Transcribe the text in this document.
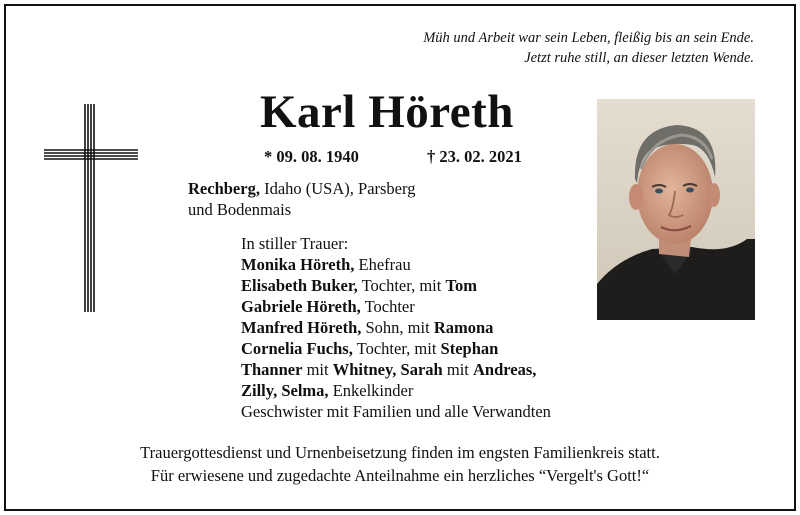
Müh und Arbeit war sein Leben, fleißig bis an sein Ende.
Jetzt ruhe still, an dieser letzten Wende.
Karl Höreth
* 09. 08. 1940	† 23. 02. 2021
Rechberg, Idaho (USA), Parsberg
und Bodenmais
In stiller Trauer:
Monika Höreth, Ehefrau
Elisabeth Buker, Tochter, mit Tom
Gabriele Höreth, Tochter
Manfred Höreth, Sohn, mit Ramona
Cornelia Fuchs, Tochter, mit Stephan
Thanner mit Whitney, Sarah mit Andreas,
Zilly, Selma, Enkelkinder
Geschwister mit Familien und alle Verwandten
Trauergottesdienst und Urnenbeisetzung finden im engsten Familienkreis statt.
Für erwiesene und zugedachte Anteilnahme ein herzliches “Vergelt's Gott!“
